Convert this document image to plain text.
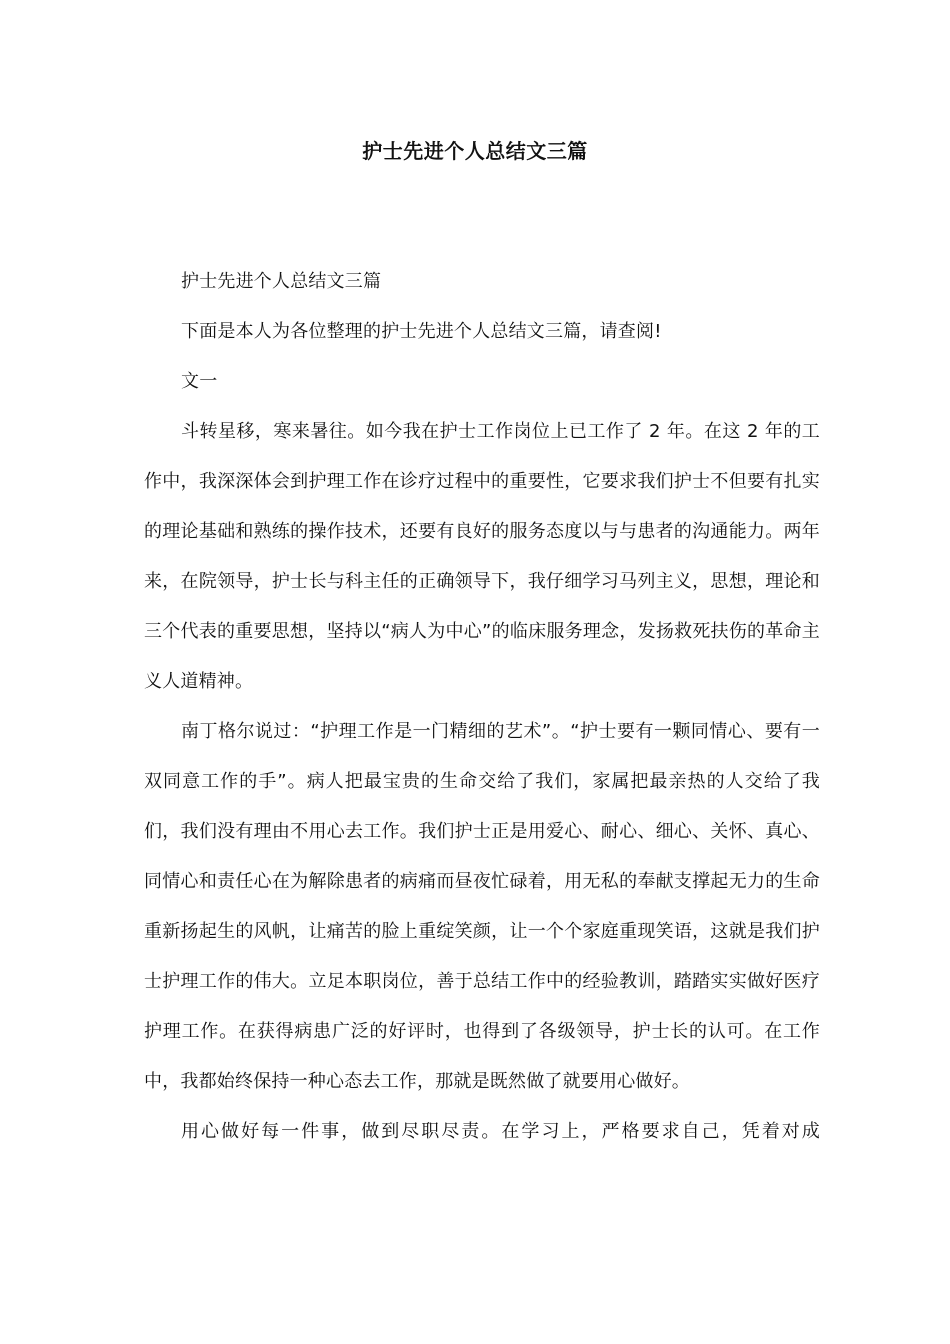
护士先进个人总结文三篇

护士先进个人总结文三篇

下面是本人为各位整理的护士先进个人总结文三篇，请查阅!

文一

斗转星移，寒来暑往。如今我在护士工作岗位上已工作了 2 年。在这 2 年的工作中，我深深体会到护理工作在诊疗过程中的重要性，它要求我们护士不但要有扎实的理论基础和熟练的操作技术，还要有良好的服务态度以与与患者的沟通能力。两年来，在院领导，护士长与科主任的正确领导下，我仔细学习马列主义，思想，理论和三个代表的重要思想，坚持以“病人为中心”的临床服务理念，发扬救死扶伤的革命主义人道精神。

南丁格尔说过：“护理工作是一门精细的艺术”。“护士要有一颗同情心、要有一双同意工作的手”。病人把最宝贵的生命交给了我们，家属把最亲热的人交给了我们，我们没有理由不用心去工作。我们护士正是用爱心、耐心、细心、关怀、真心、同情心和责任心在为解除患者的病痛而昼夜忙碌着，用无私的奉献支撑起无力的生命重新扬起生的风帆，让痛苦的脸上重绽笑颜，让一个个家庭重现笑语，这就是我们护士护理工作的伟大。立足本职岗位，善于总结工作中的经验教训，踏踏实实做好医疗护理工作。在获得病患广泛的好评时，也得到了各级领导，护士长的认可。在工作中，我都始终保持一种心态去工作，那就是既然做了就要用心做好。

用心做好每一件事，做到尽职尽责。在学习上，严格要求自己，凭着对成
